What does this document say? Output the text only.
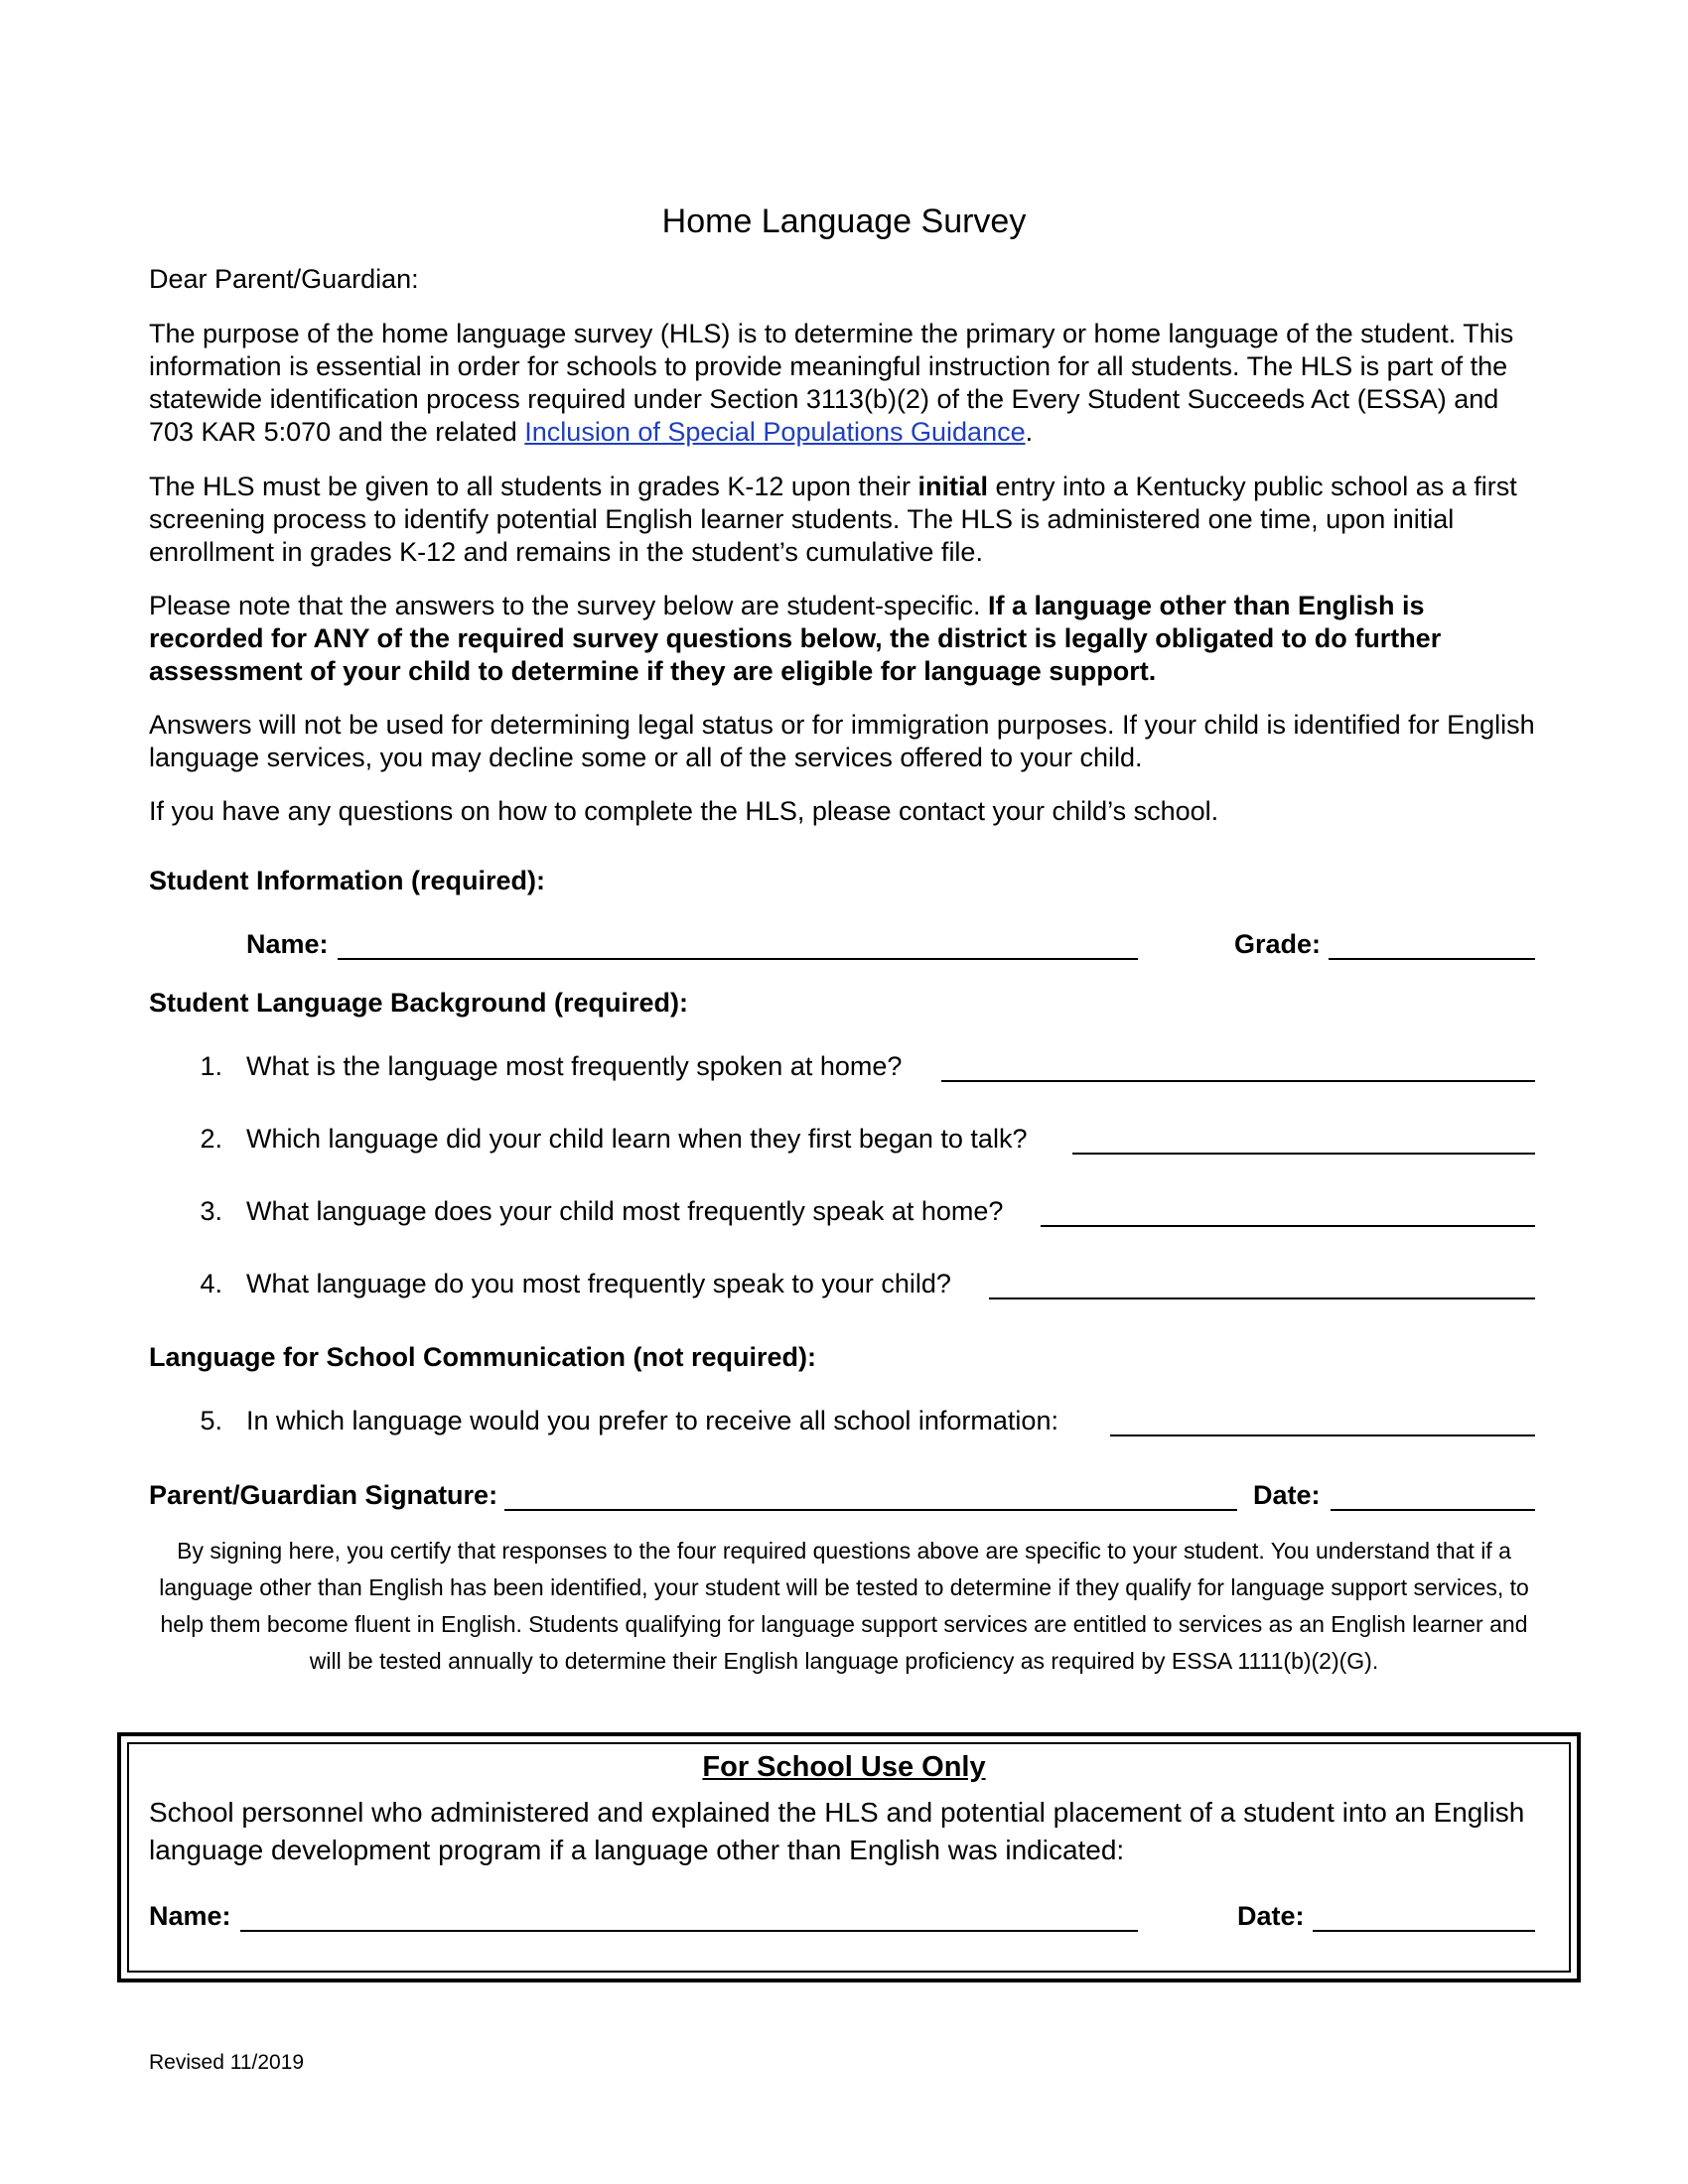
Home Language Survey
Dear Parent/Guardian:
The purpose of the home language survey (HLS) is to determine the primary or home language of the student. This information is essential in order for schools to provide meaningful instruction for all students. The HLS is part of the statewide identification process required under Section 3113(b)(2) of the Every Student Succeeds Act (ESSA) and 703 KAR 5:070 and the related Inclusion of Special Populations Guidance.
The HLS must be given to all students in grades K-12 upon their initial entry into a Kentucky public school as a first screening process to identify potential English learner students. The HLS is administered one time, upon initial enrollment in grades K-12 and remains in the student’s cumulative file.
Please note that the answers to the survey below are student-specific. If a language other than English is recorded for ANY of the required survey questions below, the district is legally obligated to do further assessment of your child to determine if they are eligible for language support.
Answers will not be used for determining legal status or for immigration purposes. If your child is identified for English language services, you may decline some or all of the services offered to your child.
If you have any questions on how to complete the HLS, please contact your child’s school.
Student Information (required):
Name:	Grade:
Student Language Background (required):
1. What is the language most frequently spoken at home?
2. Which language did your child learn when they first began to talk?
3. What language does your child most frequently speak at home?
4. What language do you most frequently speak to your child?
Language for School Communication (not required):
5. In which language would you prefer to receive all school information:
Parent/Guardian Signature:	Date:
By signing here, you certify that responses to the four required questions above are specific to your student. You understand that if a language other than English has been identified, your student will be tested to determine if they qualify for language support services, to help them become fluent in English. Students qualifying for language support services are entitled to services as an English learner and will be tested annually to determine their English language proficiency as required by ESSA 1111(b)(2)(G).
For School Use Only
School personnel who administered and explained the HLS and potential placement of a student into an English language development program if a language other than English was indicated:
Name:	Date:
Revised 11/2019
